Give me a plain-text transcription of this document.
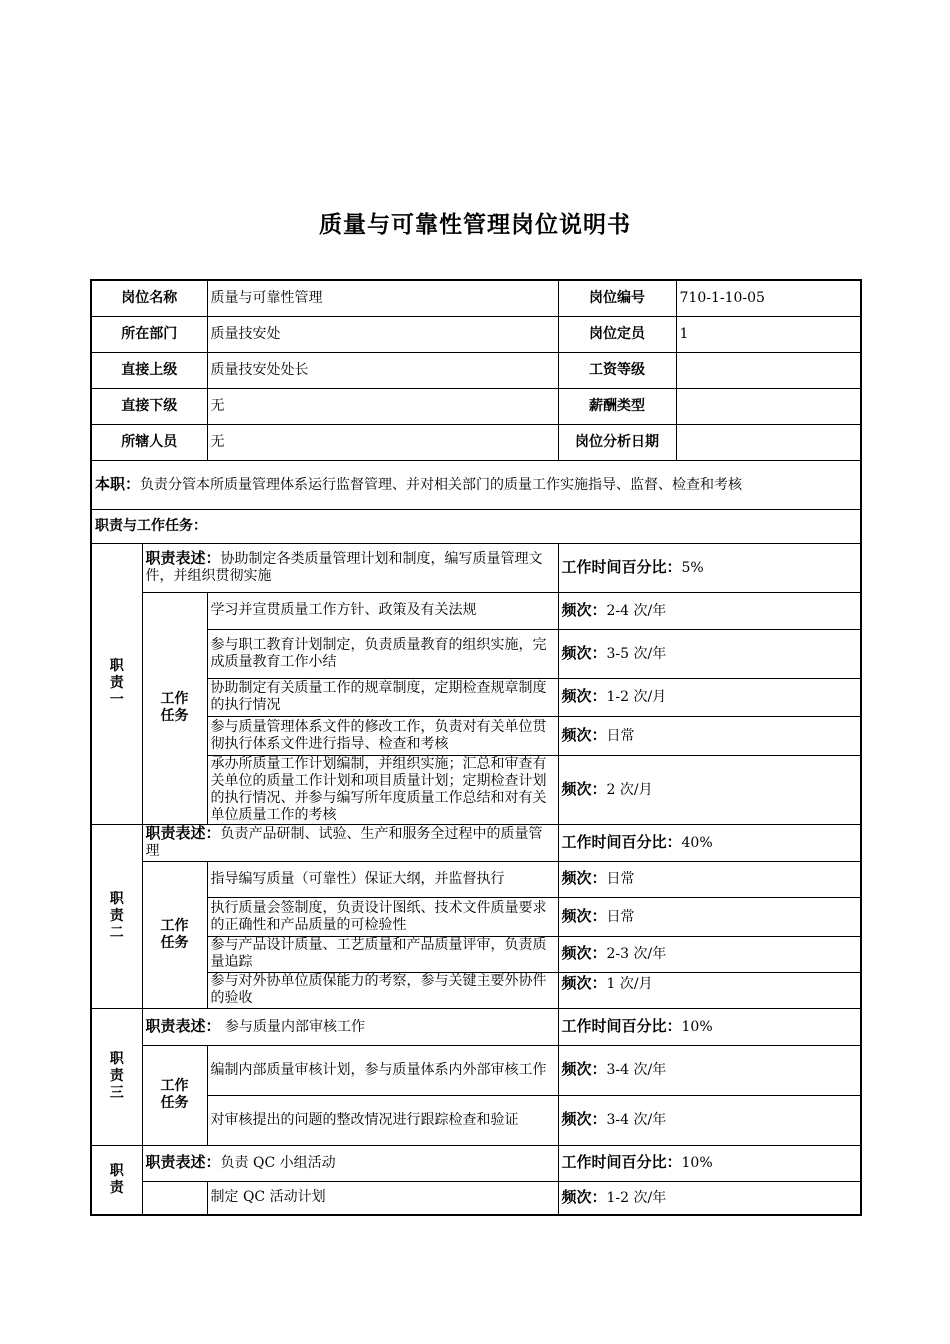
质量与可靠性管理岗位说明书
岗位名称		质量与可靠性管理	岗位编号	710-1-10-05
所在部门		质量技安处	岗位定员	1
直接上级		质量技安处处长	工资等级	
直接下级		无	薪酬类型	
所辖人员		无	岗位分析日期	
本职：负责分管本所质量管理体系运行监督管理、并对相关部门的质量工作实施指导、监督、检查和考核				
职责与工作任务：				
职
责
一	职责表述：协助制定各类质量管理计划和制度，编写质量管理文件，并组织贯彻实施		工作时间百分比：5%	
	工作
任务	学习并宣贯质量工作方针、政策及有关法规	频次：2-4 次/年	
		参与职工教育计划制定，负责质量教育的组织实施，完成质量教育工作小结	频次：3-5 次/年	
		协助制定有关质量工作的规章制度，定期检查规章制度的执行情况	频次：1-2 次/月	
		参与质量管理体系文件的修改工作，负责对有关单位贯彻执行体系文件进行指导、检查和考核	频次：日常	
		承办所质量工作计划编制，并组织实施；汇总和审查有关单位的质量工作计划和项目质量计划；定期检查计划的执行情况、并参与编写所年度质量工作总结和对有关单位质量工作的考核	频次：2 次/月	
职
责
二	职责表述：负责产品研制、试验、生产和服务全过程中的质量管理		工作时间百分比：40%	
	工作
任务	指导编写质量（可靠性）保证大纲，并监督执行	频次：日常	
		执行质量会签制度，负责设计图纸、技术文件质量要求的正确性和产品质量的可检验性	频次：日常	
		参与产品设计质量、工艺质量和产品质量评审，负责质量追踪	频次：2-3 次/年	
		参与对外协单位质保能力的考察，参与关键主要外协件的验收	频次：1 次/月	
职
责
三	职责表述： 参与质量内部审核工作		工作时间百分比：10%	
	工作
任务	编制内部质量审核计划，参与质量体系内外部审核工作	频次：3-4 次/年	
		对审核提出的问题的整改情况进行跟踪检查和验证	频次：3-4 次/年	
职
责	职责表述：负责 QC 小组活动		工作时间百分比：10%	
		制定 QC 活动计划	频次：1-2 次/年	
